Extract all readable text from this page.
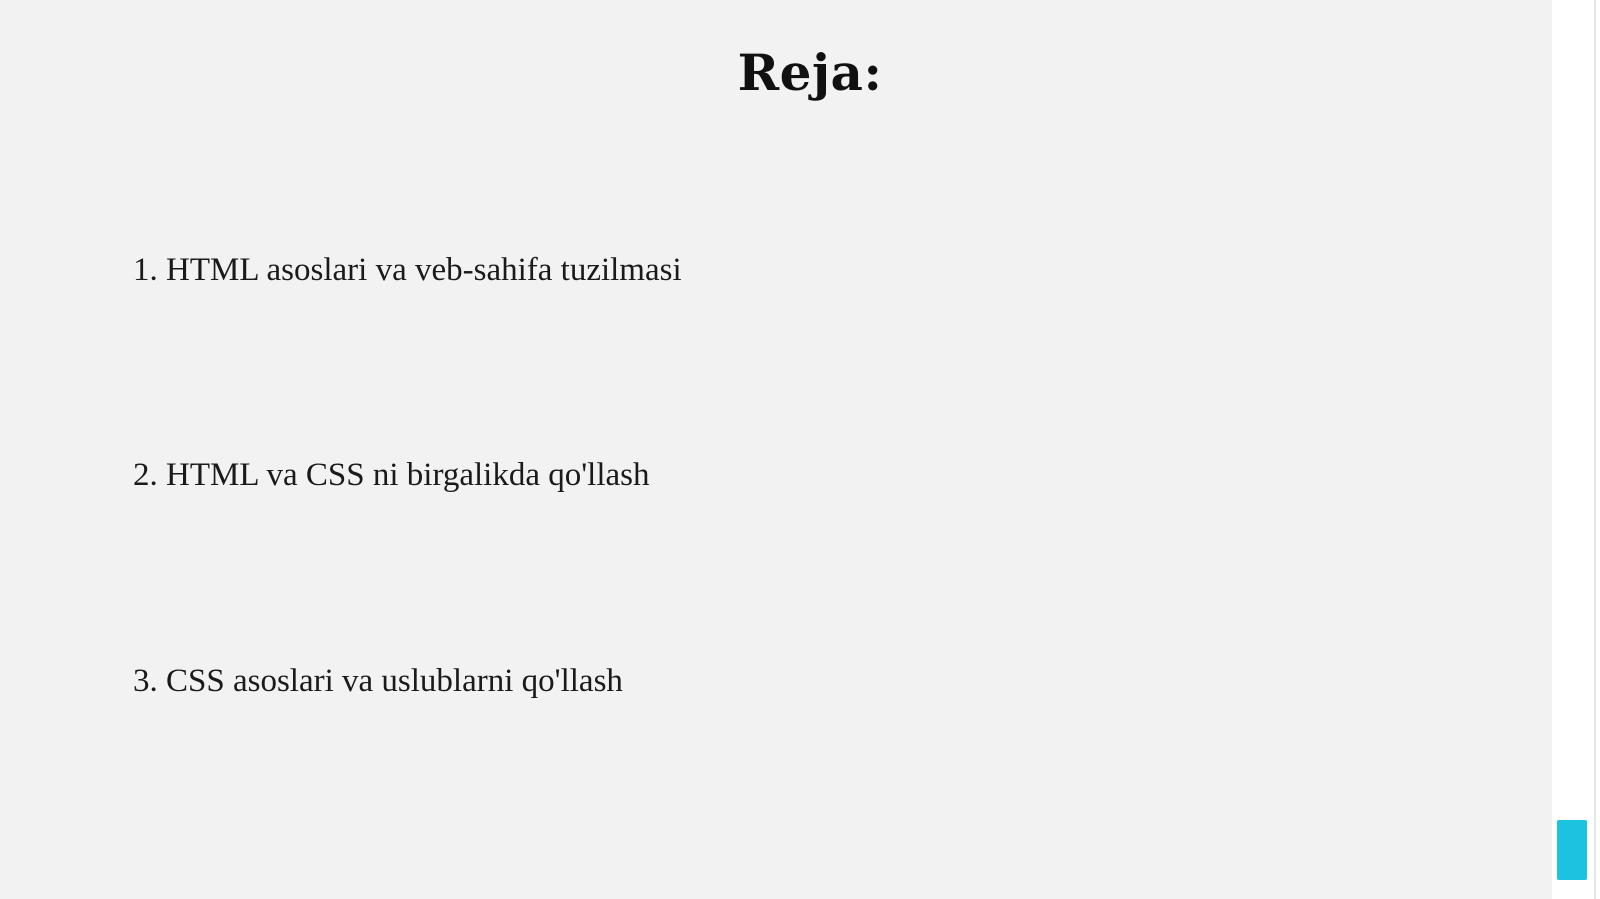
Reja:
1. HTML asoslari va veb-sahifa tuzilmasi
2. HTML va CSS ni birgalikda qo'llash
3. CSS asoslari va uslublarni qo'llash
